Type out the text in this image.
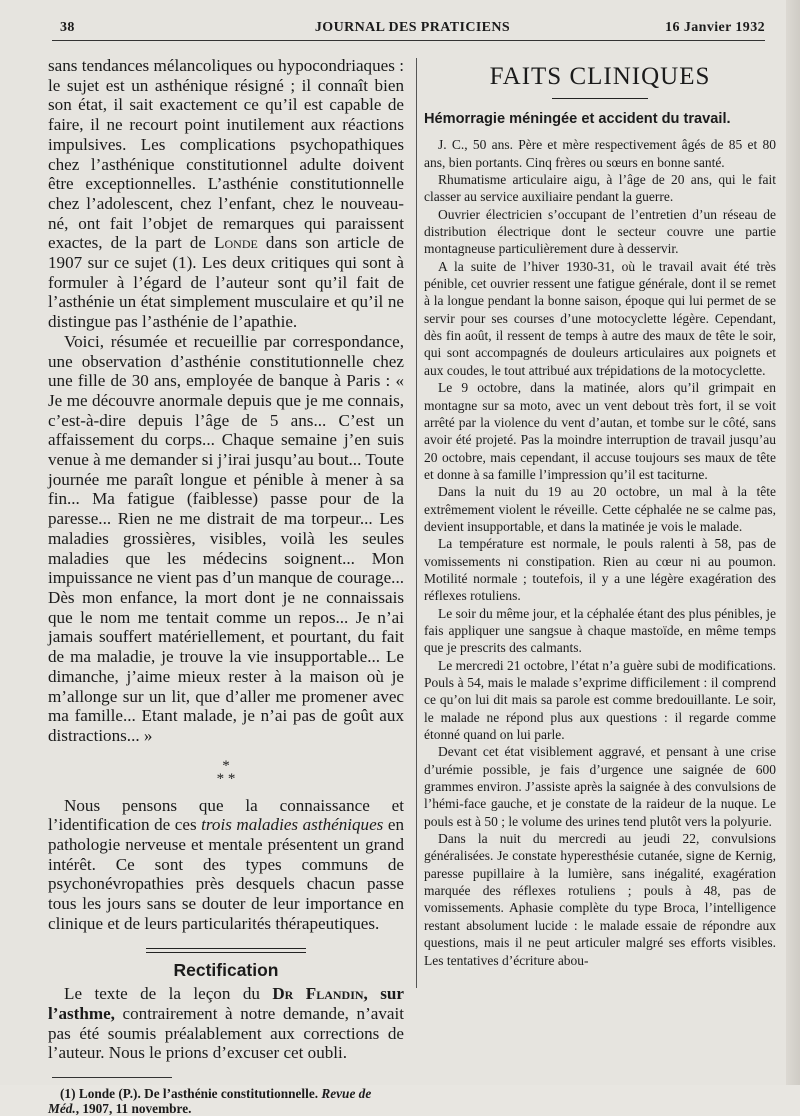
38	JOURNAL DES PRATICIENS	16 Janvier 1932

sans tendances mélancoliques ou hypocondriaques : le sujet est un asthénique résigné ; il connaît bien son état, il sait exactement ce qu’il est capable de faire, il ne recourt point inutilement aux réactions impulsives. Les complications psychopathiques chez l’asthénique constitutionnel adulte doivent être exceptionnelles. L’asthénie constitutionnelle chez l’adolescent, chez l’enfant, chez le nouveau-né, ont fait l’objet de remarques qui paraissent exactes, de la part de Londe dans son article de 1907 sur ce sujet (1). Les deux critiques qui sont à formuler à l’égard de l’auteur sont qu’il fait de l’asthénie un état simplement musculaire et qu’il ne distingue pas l’asthénie de l’apathie.

Voici, résumée et recueillie par correspondance, une observation d’asthénie constitutionnelle chez une fille de 30 ans, employée de banque à Paris : « Je me découvre anormale depuis que je me connais, c’est-à-dire depuis l’âge de 5 ans... C’est un affaissement du corps... Chaque semaine j’en suis venue à me demander si j’irai jusqu’au bout... Toute journée me paraît longue et pénible à mener à sa fin... Ma fatigue (faiblesse) passe pour de la paresse... Rien ne me distrait de ma torpeur... Les maladies grossières, visibles, voilà les seules maladies que les médecins soignent... Mon impuissance ne vient pas d’un manque de courage... Dès mon enfance, la mort dont je ne connaissais que le nom me tentait comme un repos... Je n’ai jamais souffert matériellement, et pourtant, du fait de ma maladie, je trouve la vie insupportable... Le dimanche, j’aime mieux rester à la maison où je m’allonge sur un lit, que d’aller me promener avec ma famille... Etant malade, je n’ai pas de goût aux distractions... »

*
* *

Nous pensons que la connaissance et l’identification de ces trois maladies asthéniques en pathologie nerveuse et mentale présentent un grand intérêt. Ce sont des types communs de psychonévropathies près desquels chacun passe tous les jours sans se douter de leur importance en clinique et de leurs particularités thérapeutiques.

Rectification

Le texte de la leçon du Dr Flandin, sur l’asthme, contrairement à notre demande, n’avait pas été soumis préalablement aux corrections de l’auteur. Nous le prions d’excuser cet oubli.

(1) Londe (P.). De l’asthénie constitutionnelle. Revue de Méd., 1907, 11 novembre.

FAITS CLINIQUES
Hémorragie méningée et accident du travail.

J. C., 50 ans. Père et mère respectivement âgés de 85 et 80 ans, bien portants. Cinq frères ou sœurs en bonne santé.

Rhumatisme articulaire aigu, à l’âge de 20 ans, qui le fait classer au service auxiliaire pendant la guerre.

Ouvrier électricien s’occupant de l’entretien d’un réseau de distribution électrique dont le secteur couvre une partie montagneuse particulièrement dure à desservir.

A la suite de l’hiver 1930-31, où le travail avait été très pénible, cet ouvrier ressent une fatigue générale, dont il se remet à la longue pendant la bonne saison, époque qui lui permet de se servir pour ses courses d’une motocyclette légère. Cependant, dès fin août, il ressent de temps à autre des maux de tête le soir, qui sont accompagnés de douleurs articulaires aux poignets et aux coudes, le tout attribué aux trépidations de la motocyclette.

Le 9 octobre, dans la matinée, alors qu’il grimpait en montagne sur sa moto, avec un vent debout très fort, il se voit arrêté par la violence du vent d’autan, et tombe sur le côté, sans avoir été projeté. Pas la moindre interruption de travail jusqu’au 20 octobre, mais cependant, il accuse toujours ses maux de tête et donne à sa famille l’impression qu’il est taciturne.

Dans la nuit du 19 au 20 octobre, un mal à la tête extrêmement violent le réveille. Cette céphalée ne se calme pas, devient insupportable, et dans la matinée je vois le malade.

La température est normale, le pouls ralenti à 58, pas de vomissements ni constipation. Rien au cœur ni au poumon. Motilité normale ; toutefois, il y a une légère exagération des réflexes rotuliens.

Le soir du même jour, et la céphalée étant des plus pénibles, je fais appliquer une sangsue à chaque mastoïde, en même temps que je prescrits des calmants.

Le mercredi 21 octobre, l’état n’a guère subi de modifications. Pouls à 54, mais le malade s’exprime difficilement : il comprend ce qu’on lui dit mais sa parole est comme bredouillante. Le soir, le malade ne répond plus aux questions : il regarde comme étonné quand on lui parle.

Devant cet état visiblement aggravé, et pensant à une crise d’urémie possible, je fais d’urgence une saignée de 600 grammes environ. J’assiste après la saignée à des convulsions de l’hémi-face gauche, et je constate de la raideur de la nuque. Le pouls est à 50 ; le volume des urines tend plutôt vers la polyurie.

Dans la nuit du mercredi au jeudi 22, convulsions généralisées. Je constate hyperesthésie cutanée, signe de Kernig, paresse pupillaire à la lumière, sans inégalité, exagération marquée des réflexes rotuliens ; pouls à 48, pas de vomissements. Aphasie complète du type Broca, l’intelligence restant absolument lucide : le malade essaie de répondre aux questions, mais il ne peut articuler malgré ses efforts visibles. Les tentatives d’écriture abou-
